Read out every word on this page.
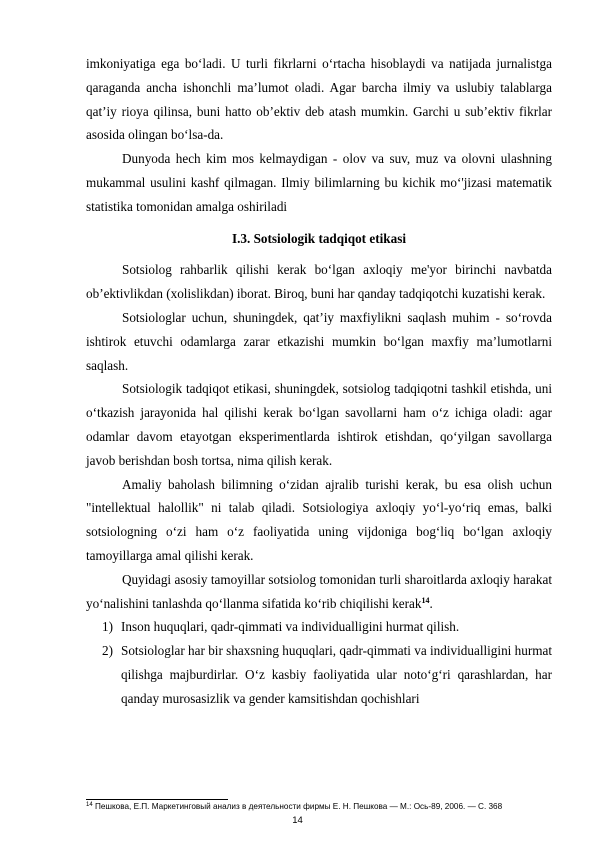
imkoniyatiga ega bo‘ladi. U turli fikrlarni o‘rtacha hisoblaydi va natijada jurnalistga qaraganda ancha ishonchli ma’lumot oladi. Agar barcha ilmiy va uslubiy talablarga qat’iy rioya qilinsa, buni hatto ob’ektiv deb atash mumkin. Garchi u sub’ektiv fikrlar asosida olingan bo‘lsa-da.

Dunyoda hech kim mos kelmaydigan - olov va suv, muz va olovni ulashning mukammal usulini kashf qilmagan. Ilmiy bilimlarning bu kichik mo‘'jizasi matematik statistika tomonidan amalga oshiriladi

I.3. Sotsiologik tadqiqot etikasi

Sotsiolog rahbarlik qilishi kerak bo‘lgan axloqiy me'yor birinchi navbatda ob’ektivlikdan (xolislikdan) iborat. Biroq, buni har qanday tadqiqotchi kuzatishi kerak.

Sotsiologlar uchun, shuningdek, qat’iy maxfiylikni saqlash muhim - so‘rovda ishtirok etuvchi odamlarga zarar etkazishi mumkin bo‘lgan maxfiy ma’lumotlarni saqlash.

Sotsiologik tadqiqot etikasi, shuningdek, sotsiolog tadqiqotni tashkil etishda, uni o‘tkazish jarayonida hal qilishi kerak bo‘lgan savollarni ham o‘z ichiga oladi: agar odamlar davom etayotgan eksperimentlarda ishtirok etishdan, qo‘yilgan savollarga javob berishdan bosh tortsa, nima qilish kerak.

Amaliy baholash bilimning o‘zidan ajralib turishi kerak, bu esa olish uchun "intellektual halollik" ni talab qiladi. Sotsiologiya axloqiy yo‘l-yo‘riq emas, balki sotsiologning o‘zi ham o‘z faoliyatida uning vijdoniga bog‘liq bo‘lgan axloqiy tamoyillarga amal qilishi kerak.

Quyidagi asosiy tamoyillar sotsiolog tomonidan turli sharoitlarda axloqiy harakat yo‘nalishini tanlashda qo‘llanma sifatida ko‘rib chiqilishi kerak$^{14}$.

1) Inson huquqlari, qadr-qimmati va individualligini hurmat qilish.
2) Sotsiologlar har bir shaxsning huquqlari, qadr-qimmati va individualligini hurmat qilishga majburdirlar. O‘z kasbiy faoliyatida ular noto‘g‘ri qarashlardan, har qanday murosasizlik va gender kamsitishdan qochishlari
$^{14}$ Пешкова, Е.П. Маркетинговый анализ в деятельности фирмы Е. Н. Пешкова — М.: Ось-89, 2006. — С. 368
14
